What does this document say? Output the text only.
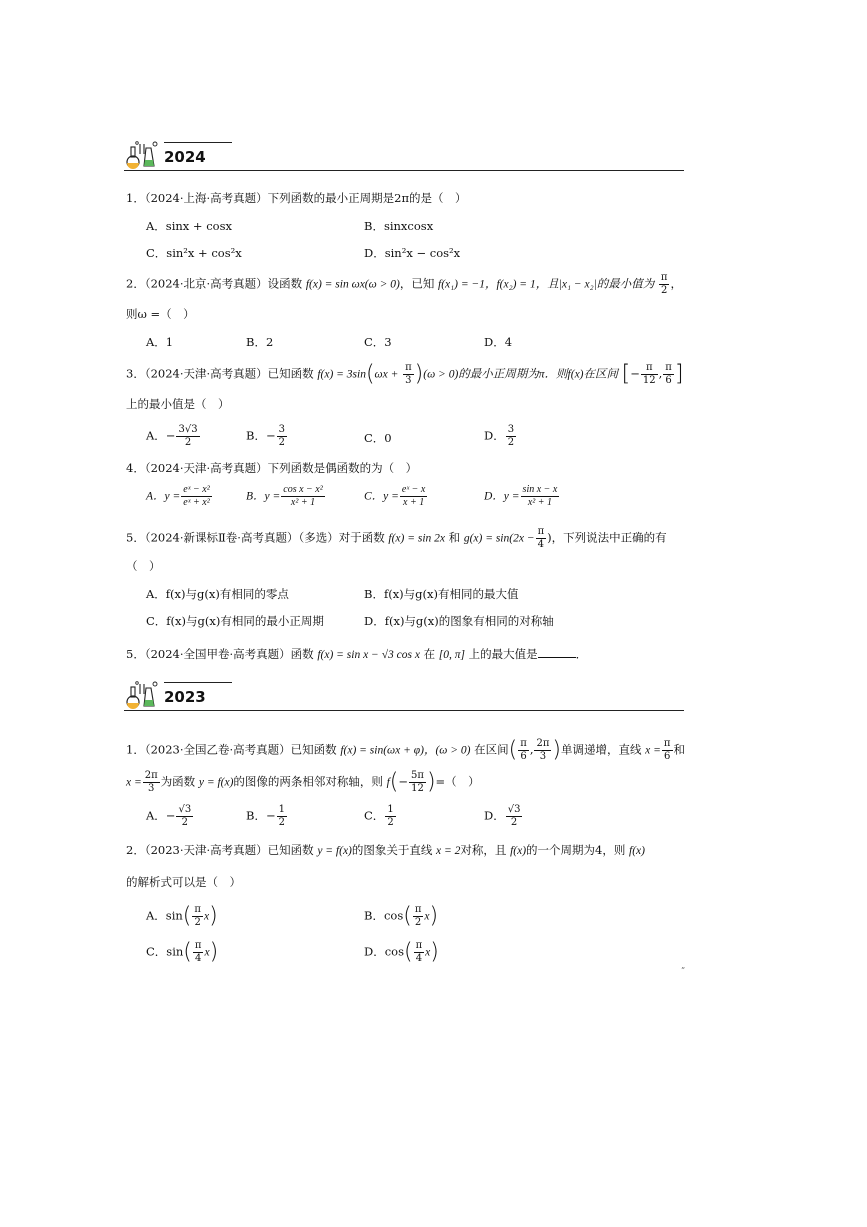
2024
1．（2024·上海·高考真题）下列函数的最小正周期是2π的是（　）
A．sinx + cosx	B．sinxcosx
C．sin²x + cos²x	D．sin²x − cos²x
2．（2024·北京·高考真题）设函数 f(x) = sin ωx(ω > 0)，已知 f(x₁) = −1，f(x₂) = 1，且|x₁ − x₂|的最小值为 $\frac{\pi}{2}$ ，
则ω =（　）
A．1	B．2	C．3	D．4
3．（2024·天津·高考真题）已知函数 $f(x) = 3\sin(\omega x + \frac{\pi}{3} )(\omega > 0)$的最小正周期为π．则f(x)在区间 [− $\frac{\pi}{12}$ , $\frac{\pi}{6}$ ]
上的最小值是（　）
A．− $\frac{3√3}{2}$	B．− $\frac{3}{2}$	C．0	D． $\frac{3}{2}$
4．（2024·天津·高考真题）下列函数是偶函数的为（　）
A．$y = \frac{\text{eˣ − x²}}{\text{eˣ + x²}}$	B．$y = \frac{\text{cos x − x²}}{\text{x² + 1}}$	C．$y = \frac{\text{eˣ − x}}{x + 1}$	D．$y = \frac{\text{sin x − x}}{\text{x² + 1}}$
5．（2024·新课标Ⅱ卷·高考真题）（多选）对于函数 f(x) = sin 2x 和 $g(x) = \sin(2x - \frac{\pi}{4}$ )，下列说法中正确的有
（　）
A．f(x)与g(x)有相同的零点	B．f(x)与g(x)有相同的最大值
C．f(x)与g(x)有相同的最小正周期	D．f(x)与g(x)的图象有相同的对称轴
5．（2024·全国甲卷·高考真题）函数 f(x) = sin x − √3 cos x 在 [0, π] 上的最大值是	．
2023
1．（2023·全国乙卷·高考真题）已知函数 f(x) = sin(ωx + φ)，(ω > 0) 在区间( $\frac{\pi}{6}$ , $\frac{2\pi}{3}$ )单调递增，直线 $x = \frac{\pi}{6}$ 和
$x = \frac{2\pi}{3}$ 为函数 y = f(x)的图像的两条相邻对称轴，则 $f(- \frac{5\pi}{12}$ )=（　）
A．− $\frac{√3}{2}$	B．− $\frac{1}{2}$	C． $\frac{1}{2}$	D． $\frac{√3}{2}$
2．（2023·天津·高考真题）已知函数 y = f(x)的图象关于直线 x = 2对称，且 f(x)的一个周期为4，则 f(x)
的解析式可以是（　）
A．$\sin( \frac{\pi}{2} x)$	B．$\cos( \frac{\pi}{2} x)$
C．$\sin( \frac{\pi}{4} x)$	D．$\cos( \frac{\pi}{4} x)$
”
